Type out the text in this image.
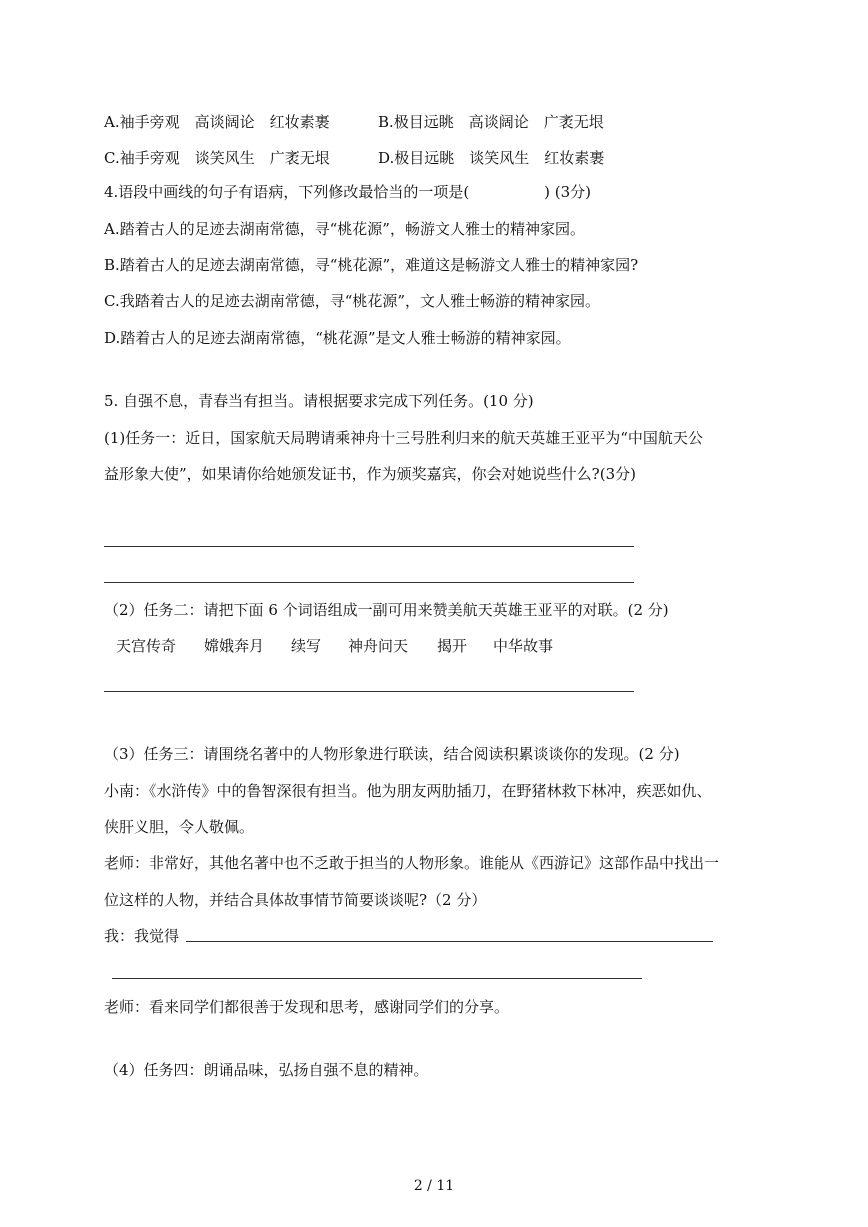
A.袖手旁观　高谈阔论　红妆素裹	B.极目远眺　高谈阔论　广袤无垠
C.袖手旁观　谈笑风生　广袤无垠	D.极目远眺　谈笑风生　红妆素裹
4.语段中画线的句子有语病，下列修改最恰当的一项是(　　　　　) (3分)
A.踏着古人的足迹去湖南常德，寻“桃花源”，畅游文人雅士的精神家园。
B.踏着古人的足迹去湖南常德，寻“桃花源”，难道这是畅游文人雅士的精神家园?
C.我踏着古人的足迹去湖南常德，寻“桃花源”，文人雅士畅游的精神家园。
D.踏着古人的足迹去湖南常德，“桃花源”是文人雅士畅游的精神家园。
5. 自强不息，青春当有担当。请根据要求完成下列任务。(10 分)
(1)任务一：近日，国家航天局聘请乘神舟十三号胜利归来的航天英雄王亚平为“中国航天公
益形象大使”，如果请你给她颁发证书，作为颁奖嘉宾，你会对她说些什么?(3分)
（2）任务二：请把下面 6 个词语组成一副可用来赞美航天英雄王亚平的对联。(2 分)
天宫传奇 嫦娥奔月 续写 神舟问天 揭开 中华故事
（3）任务三：请围绕名著中的人物形象进行联读，结合阅读积累谈谈你的发现。(2 分)
小南：《水浒传》中的鲁智深很有担当。他为朋友两肋插刀，在野猪林救下林冲，疾恶如仇、
侠肝义胆，令人敬佩。
老师：非常好，其他名著中也不乏敢于担当的人物形象。谁能从《西游记》这部作品中找出一
位这样的人物，并结合具体故事情节简要谈谈呢?（2 分）
我：我觉得
老师：看来同学们都很善于发现和思考，感谢同学们的分享。
（4）任务四：朗诵品味，弘扬自强不息的精神。
2 / 11
